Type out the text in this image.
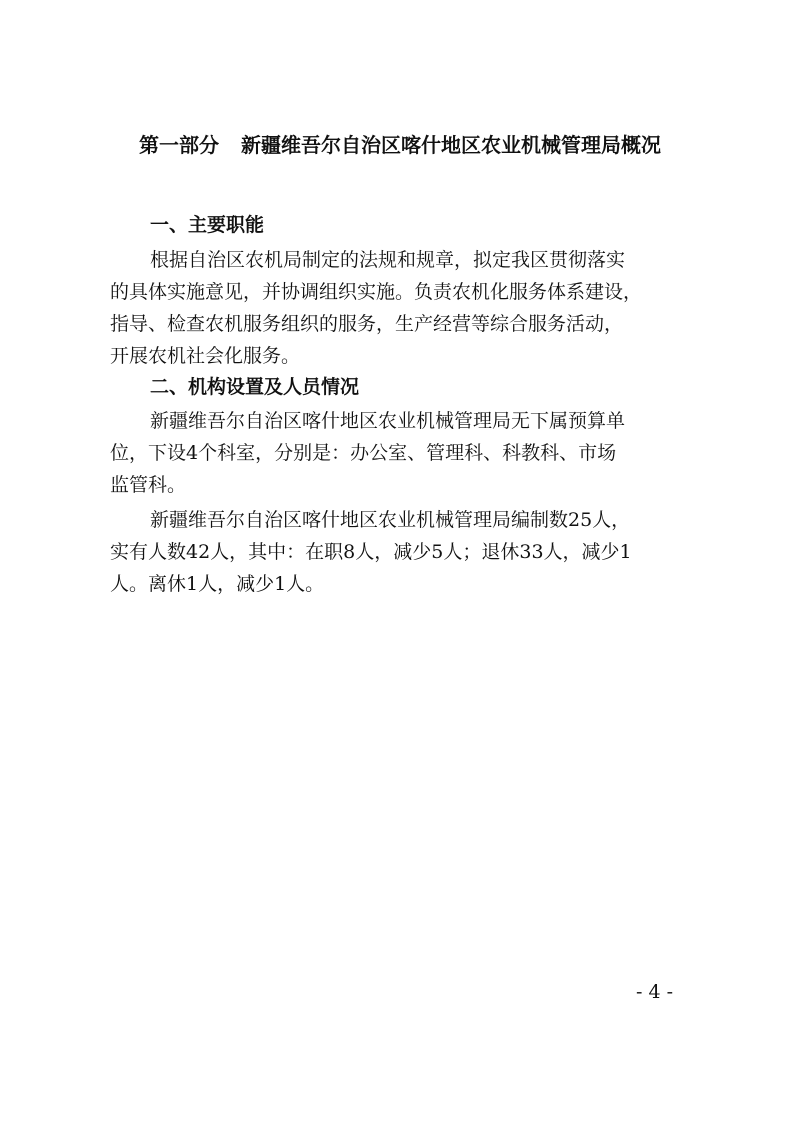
第一部分 新疆维吾尔自治区喀什地区农业机械管理局概况
一、主要职能
根据自治区农机局制定的法规和规章，拟定我区贯彻落实
的具体实施意见，并协调组织实施。负责农机化服务体系建设，
指导、检查农机服务组织的服务，生产经营等综合服务活动，
开展农机社会化服务。
二、机构设置及人员情况
新疆维吾尔自治区喀什地区农业机械管理局无下属预算单
位，下设4个科室，分别是：办公室、管理科、科教科、市场
监管科。
新疆维吾尔自治区喀什地区农业机械管理局编制数25人，
实有人数42人，其中：在职8人，减少5人；退休33人，减少1
人。离休1人，减少1人。
- 4 -
